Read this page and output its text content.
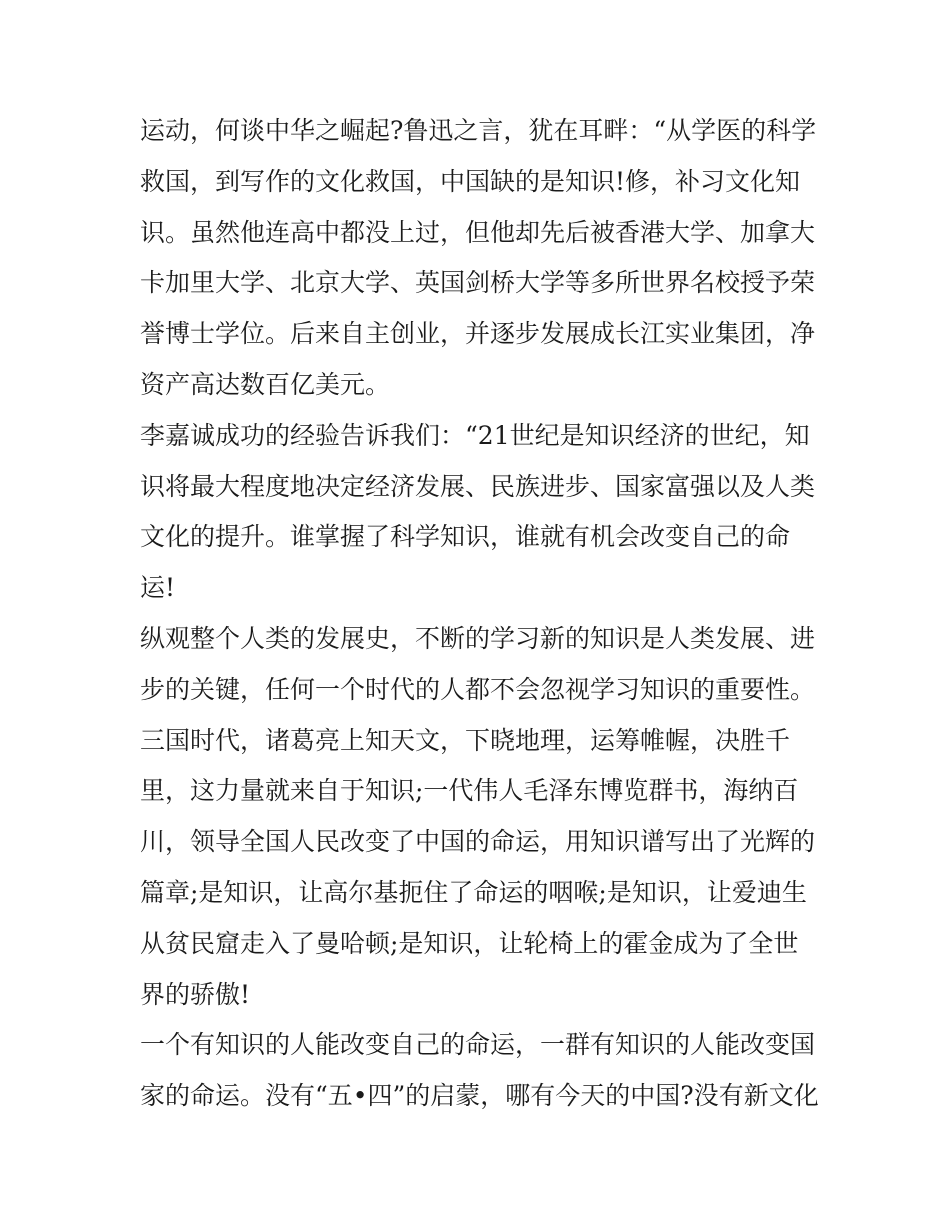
运动，何谈中华之崛起?鲁迅之言，犹在耳畔：“从学医的科学
救国，到写作的文化救国，中国缺的是知识!修，补习文化知
识。虽然他连高中都没上过，但他却先后被香港大学、加拿大
卡加里大学、北京大学、英国剑桥大学等多所世界名校授予荣
誉博士学位。后来自主创业，并逐步发展成长江实业集团，净
资产高达数百亿美元。
李嘉诚成功的经验告诉我们：“21世纪是知识经济的世纪，知
识将最大程度地决定经济发展、民族进步、国家富强以及人类
文化的提升。谁掌握了科学知识，谁就有机会改变自己的命
运!
纵观整个人类的发展史，不断的学习新的知识是人类发展、进
步的关键，任何一个时代的人都不会忽视学习知识的重要性。
三国时代，诸葛亮上知天文，下晓地理，运筹帷幄，决胜千
里，这力量就来自于知识;一代伟人毛泽东博览群书，海纳百
川，领导全国人民改变了中国的命运，用知识谱写出了光辉的
篇章;是知识，让高尔基扼住了命运的咽喉;是知识，让爱迪生
从贫民窟走入了曼哈顿;是知识，让轮椅上的霍金成为了全世
界的骄傲!
一个有知识的人能改变自己的命运，一群有知识的人能改变国
家的命运。没有“五•四”的启蒙，哪有今天的中国?没有新文化
